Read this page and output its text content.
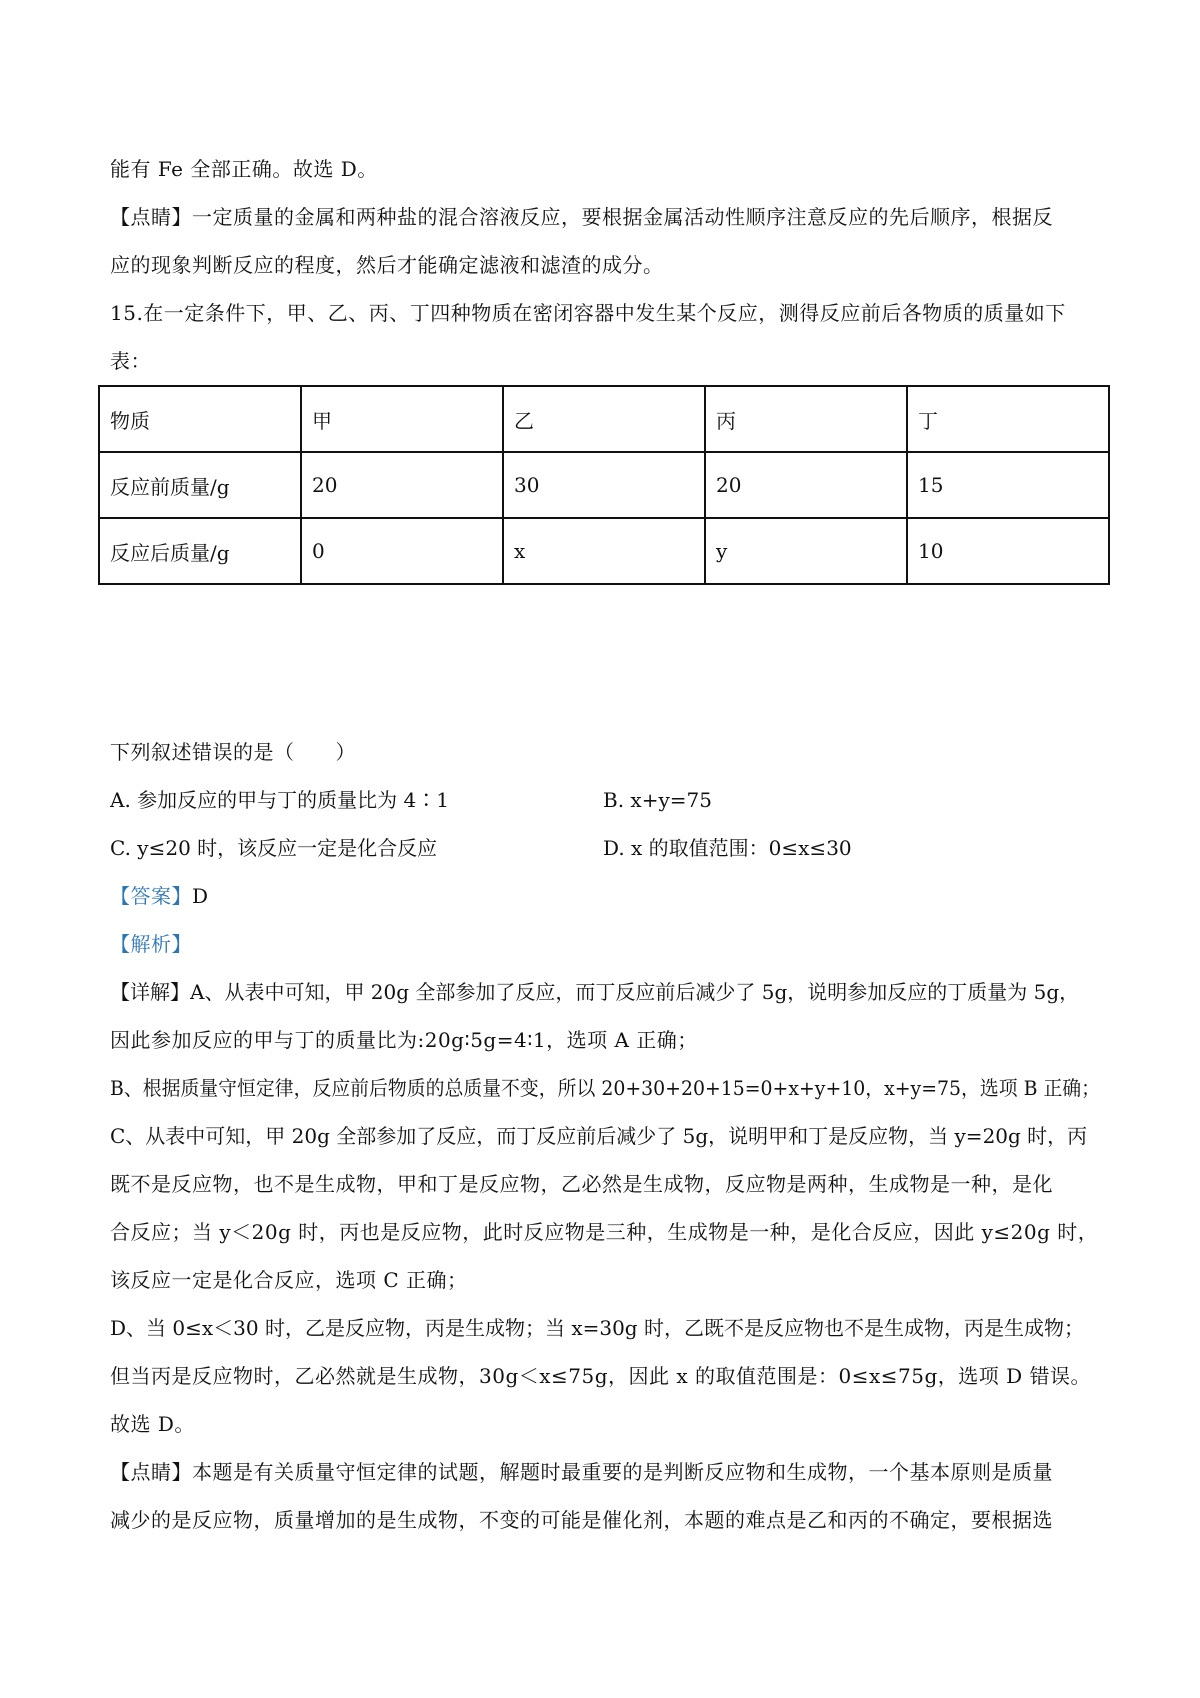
能有 Fe 全部正确。故选 D。
【点睛】一定质量的金属和两种盐的混合溶液反应，要根据金属活动性顺序注意反应的先后顺序，根据反
应的现象判断反应的程度，然后才能确定滤液和滤渣的成分。
15.在一定条件下，甲、乙、丙、丁四种物质在密闭容器中发生某个反应，测得反应前后各物质的质量如下
表：
物质	甲	乙	丙	丁
反应前质量/g	20	30	20	15
反应后质量/g	0	x	y	10
下列叙述错误的是（　　）
A. 参加反应的甲与丁的质量比为 4∶1	B. x+y=75
C. y≤20 时，该反应一定是化合反应	D. x 的取值范围：0≤x≤30
【答案】D
【解析】
【详解】A、从表中可知，甲 20g 全部参加了反应，而丁反应前后减少了 5g，说明参加反应的丁质量为 5g，
因此参加反应的甲与丁的质量比为:20g∶5g=4∶1，选项 A 正确；
B、根据质量守恒定律，反应前后物质的总质量不变，所以 20+30+20+15=0+x+y+10，x+y=75，选项 B 正确；
C、从表中可知，甲 20g 全部参加了反应，而丁反应前后减少了 5g，说明甲和丁是反应物，当 y=20g 时，丙
既不是反应物，也不是生成物，甲和丁是反应物，乙必然是生成物，反应物是两种，生成物是一种，是化
合反应；当 y＜20g 时，丙也是反应物，此时反应物是三种，生成物是一种，是化合反应，因此 y≤20g 时，
该反应一定是化合反应，选项 C 正确；
D、当 0≤x＜30 时，乙是反应物，丙是生成物；当 x=30g 时，乙既不是反应物也不是生成物，丙是生成物；
但当丙是反应物时，乙必然就是生成物，30g＜x≤75g，因此 x 的取值范围是：0≤x≤75g，选项 D 错误。
故选 D。
【点睛】本题是有关质量守恒定律的试题，解题时最重要的是判断反应物和生成物，一个基本原则是质量
减少的是反应物，质量增加的是生成物，不变的可能是催化剂，本题的难点是乙和丙的不确定，要根据选
